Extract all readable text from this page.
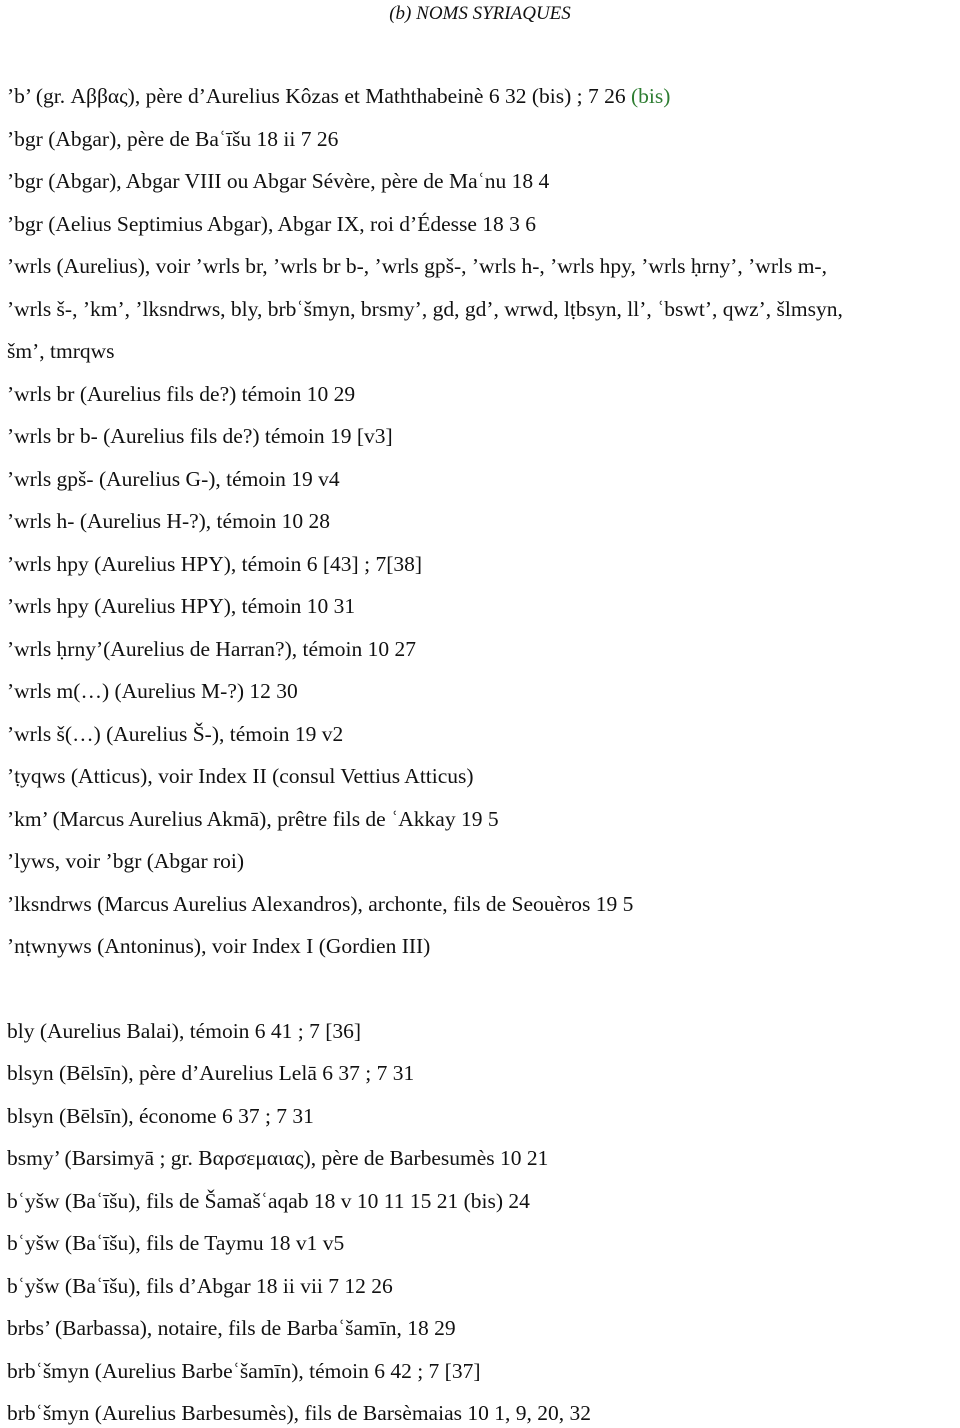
(b) NOMS SYRIAQUES
’b’ (gr. Αββας), père d’Aurelius Kôzas et Maththabeinè 6 32 (bis) ; 7 26 (bis)
’bgr (Abgar), père de Baʿīšu 18 ii 7 26
’bgr (Abgar), Abgar VIII ou Abgar Sévère, père de Maʿnu 18 4
’bgr (Aelius Septimius Abgar), Abgar IX, roi d’Édesse 18 3 6
’wrls (Aurelius), voir ’wrls br, ’wrls br b-, ’wrls gpš-, ’wrls h-, ’wrls hpy, ’wrls ḥrny’, ’wrls m-,
’wrls š-, ’km’, ’lksndrws, bly, brbʿšmyn, brsmy’, gd, gd’, wrwd, lṭbsyn, ll’, ʿbswt’, qwz’, šlmsyn,
šm’, tmrqws
’wrls br (Aurelius fils de?) témoin 10 29
’wrls br b- (Aurelius fils de?) témoin 19 [v3]
’wrls gpš- (Aurelius G-), témoin 19 v4
’wrls h- (Aurelius H-?), témoin 10 28
’wrls hpy (Aurelius HPY), témoin 6 [43] ; 7[38]
’wrls hpy (Aurelius HPY), témoin 10 31
’wrls ḥrny’(Aurelius de Harran?), témoin 10 27
’wrls m(…) (Aurelius M-?) 12 30
’wrls š(…) (Aurelius Š-), témoin 19 v2
’ṭyqws (Atticus), voir Index II (consul Vettius Atticus)
’km’ (Marcus Aurelius Akmā), prêtre fils de ʿAkkay 19 5
’lyws, voir ’bgr (Abgar roi)
’lksndrws (Marcus Aurelius Alexandros), archonte, fils de Seouèros 19 5
’nṭwnyws (Antoninus), voir Index I (Gordien III)
bly (Aurelius Balai), témoin 6 41 ; 7 [36]
blsyn (Bēlsīn), père d’Aurelius Lelā 6 37 ; 7 31
blsyn (Bēlsīn), économe 6 37 ; 7 31
bsmy’ (Barsimyā ; gr. Βαρσεμαιας), père de Barbesumès 10 21
bʿyšw (Baʿīšu), fils de Šamašʿaqab 18 v 10 11 15 21 (bis) 24
bʿyšw (Baʿīšu), fils de Taymu 18 v1 v5
bʿyšw (Baʿīšu), fils d’Abgar 18 ii vii 7 12 26
brbs’ (Barbassa), notaire, fils de Barbaʿšamīn, 18 29
brbʿšmyn (Aurelius Barbeʿšamīn), témoin 6 42 ; 7 [37]
brbʿšmyn (Aurelius Barbesumès), fils de Barsèmaias 10 1, 9, 20, 32
